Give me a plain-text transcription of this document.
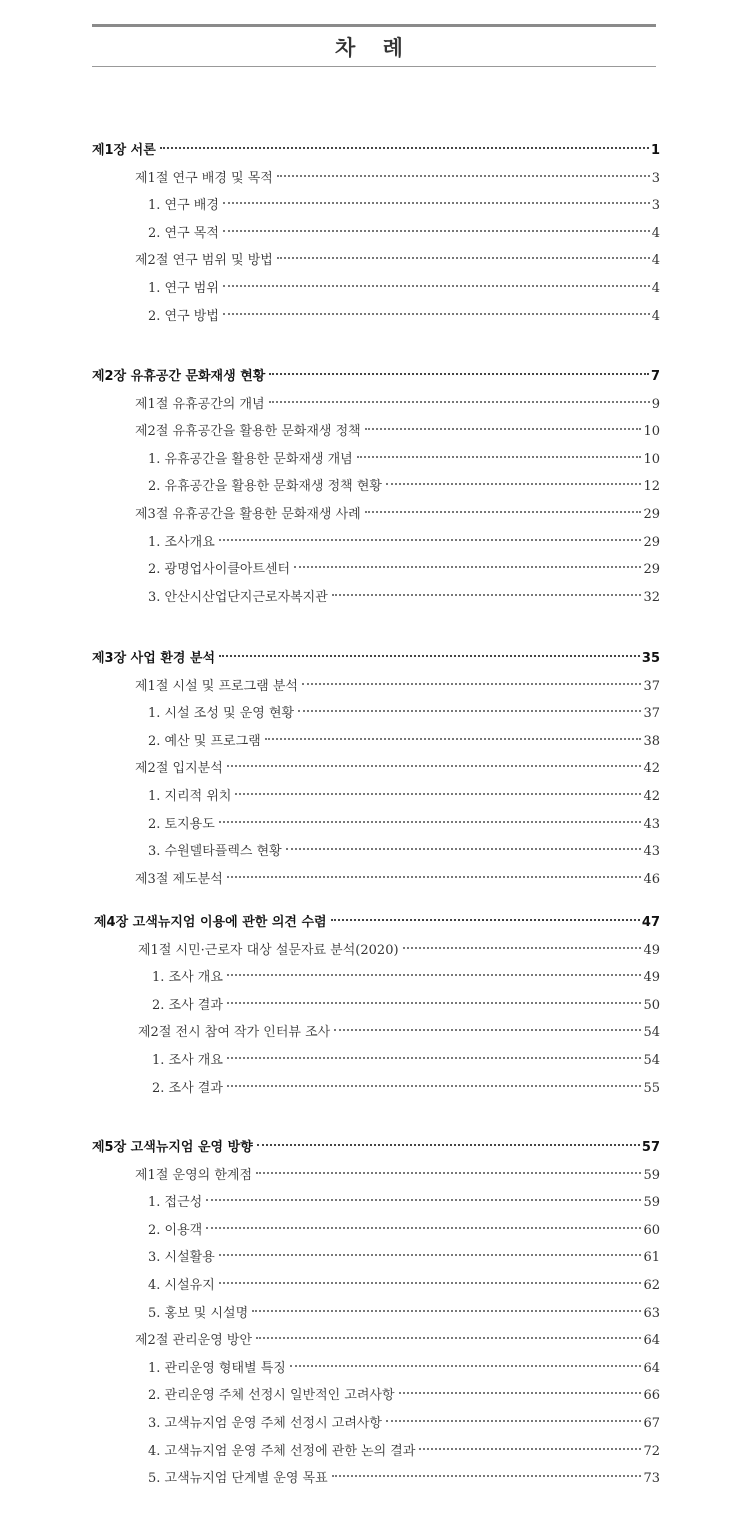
차 례
제1장 서론	1
제1절 연구 배경 및 목적	3
1. 연구 배경	3
2. 연구 목적	4
제2절 연구 범위 및 방법	4
1. 연구 범위	4
2. 연구 방법	4
제2장 유휴공간 문화재생 현황	7
제1절 유휴공간의 개념	9
제2절 유휴공간을 활용한 문화재생 정책	10
1. 유휴공간을 활용한 문화재생 개념	10
2. 유휴공간을 활용한 문화재생 정책 현황	12
제3절 유휴공간을 활용한 문화재생 사례	29
1. 조사개요	29
2. 광명업사이클아트센터	29
3. 안산시산업단지근로자복지관	32
제3장 사업 환경 분석	35
제1절 시설 및 프로그램 분석	37
1. 시설 조성 및 운영 현황	37
2. 예산 및 프로그램	38
제2절 입지분석	42
1. 지리적 위치	42
2. 토지용도	43
3. 수원델타플렉스 현황	43
제3절 제도분석	46
제4장 고색뉴지엄 이용에 관한 의견 수렴	47
제1절 시민·근로자 대상 설문자료 분석(2020)	49
1. 조사 개요	49
2. 조사 결과	50
제2절 전시 참여 작가 인터뷰 조사	54
1. 조사 개요	54
2. 조사 결과	55
제5장 고색뉴지엄 운영 방향	57
제1절 운영의 한계점	59
1. 접근성	59
2. 이용객	60
3. 시설활용	61
4. 시설유지	62
5. 홍보 및 시설명	63
제2절 관리운영 방안	64
1. 관리운영 형태별 특징	64
2. 관리운영 주체 선정시 일반적인 고려사항	66
3. 고색뉴지엄 운영 주체 선정시 고려사항	67
4. 고색뉴지엄 운영 주체 선정에 관한 논의 결과	72
5. 고색뉴지엄 단계별 운영 목표	73
